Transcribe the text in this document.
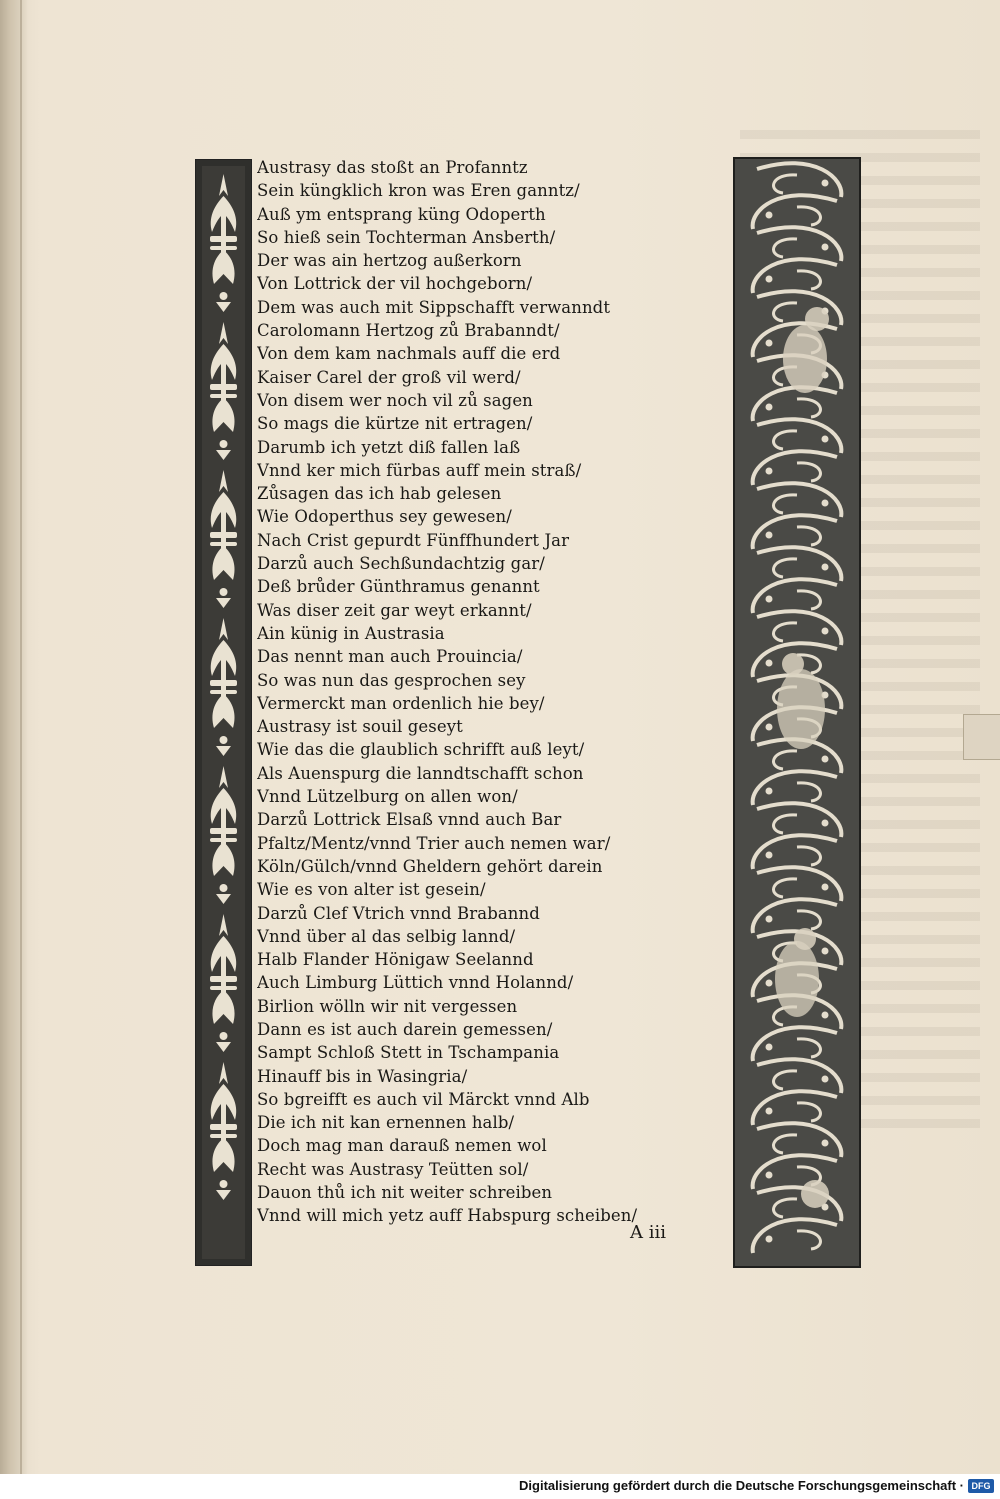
Austrasy das stoßt an Profanntz
Sein küngklich kron was Eren ganntz/
Auß ym entsprang küng Odoperth
So hieß sein Tochterman Ansberth/
Der was ain hertzog außerkorn
Von Lottrick der vil hochgeborn/
Dem was auch mit Sippschafft verwanndt
Carolomann Hertzog zů Brabanndt/
Von dem kam nachmals auff die erd
Kaiser Carel der groß vil werd/
Von disem wer noch vil zů sagen
So mags die kürtze nit ertragen/
Darumb ich yetzt diß fallen laß
Vnnd ker mich fürbas auff mein straß/
Zůsagen das ich hab gelesen
Wie Odoperthus sey gewesen/
Nach Crist gepurdt Fünffhundert Jar
Darzů auch Sechßundachtzig gar/
Deß brůder Günthramus genannt
Was diser zeit gar weyt erkannt/
Ain künig in Austrasia
Das nennt man auch Prouincia/
So was nun das gesprochen sey
Vermerckt man ordenlich hie bey/
Austrasy ist souil geseyt
Wie das die glaublich schrifft auß leyt/
Als Auenspurg die lanndtschafft schon
Vnnd Lützelburg on allen won/
Darzů Lottrick Elsaß vnnd auch Bar
Pfaltz/Mentz/vnnd Trier auch nemen war/
Köln/Gülch/vnnd Gheldern gehört darein
Wie es von alter ist gesein/
Darzů Clef Vtrich vnnd Brabannd
Vnnd über al das selbig lannd/
Halb Flander Hönigaw Seelannd
Auch Limburg Lüttich vnnd Holannd/
Birlion wölln wir nit vergessen
Dann es ist auch darein gemessen/
Sampt Schloß Stett in Tschampania
Hinauff bis in Wasingria/
So bgreifft es auch vil Märckt vnnd Alb
Die ich nit kan ernennen halb/
Doch mag man darauß nemen wol
Recht was Austrasy Teütten sol/
Dauon thů ich nit weiter schreiben
Vnnd will mich yetz auff Habspurg scheiben/
A iii
Digitalisierung gefördert durch die Deutsche Forschungsgemeinschaft · DFG
